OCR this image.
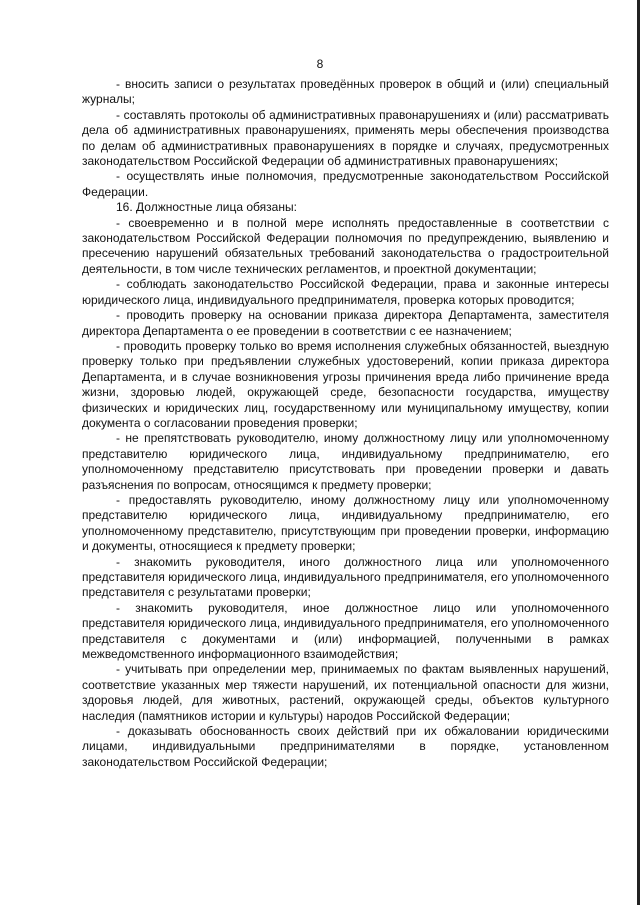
8

- вносить записи о результатах проведённых проверок в общий и (или) специальный журналы;

- составлять протоколы об административных правонарушениях и (или) рассматривать дела об административных правонарушениях, применять меры обеспечения производства по делам об административных правонарушениях в порядке и случаях, предусмотренных законодательством Российской Федерации об административных правонарушениях;

- осуществлять иные полномочия, предусмотренные законодательством Российской Федерации.

16. Должностные лица обязаны:

- своевременно и в полной мере исполнять предоставленные в соответствии с законодательством Российской Федерации полномочия по предупреждению, выявлению и пресечению нарушений обязательных требований законодательства о градостроительной деятельности, в том числе технических регламентов, и проектной документации;

- соблюдать законодательство Российской Федерации, права и законные интересы юридического лица, индивидуального предпринимателя, проверка которых проводится;

- проводить проверку на основании приказа директора Департамента, заместителя директора Департамента о ее проведении в соответствии с ее назначением;

- проводить проверку только во время исполнения служебных обязанностей, выездную проверку только при предъявлении служебных удостоверений, копии приказа директора Департамента, и в случае возникновения угрозы причинения вреда либо причинение вреда жизни, здоровью людей, окружающей среде, безопасности государства, имуществу физических и юридических лиц, государственному или муниципальному имуществу, копии документа о согласовании проведения проверки;

- не препятствовать руководителю, иному должностному лицу или уполномоченному представителю юридического лица, индивидуальному предпринимателю, его уполномоченному представителю присутствовать при проведении проверки и давать разъяснения по вопросам, относящимся к предмету проверки;

- предоставлять руководителю, иному должностному лицу или уполномоченному представителю юридического лица, индивидуальному предпринимателю, его уполномоченному представителю, присутствующим при проведении проверки, информацию и документы, относящиеся к предмету проверки;

- знакомить руководителя, иного должностного лица или уполномоченного представителя юридического лица, индивидуального предпринимателя, его уполномоченного представителя с результатами проверки;

- знакомить руководителя, иное должностное лицо или уполномоченного представителя юридического лица, индивидуального предпринимателя, его уполномоченного представителя с документами и (или) информацией, полученными в рамках межведомственного информационного взаимодействия;

- учитывать при определении мер, принимаемых по фактам выявленных нарушений, соответствие указанных мер тяжести нарушений, их потенциальной опасности для жизни, здоровья людей, для животных, растений, окружающей среды, объектов культурного наследия (памятников истории и культуры) народов Российской Федерации;

- доказывать обоснованность своих действий при их обжаловании юридическими лицами, индивидуальными предпринимателями в порядке, установленном законодательством Российской Федерации;
